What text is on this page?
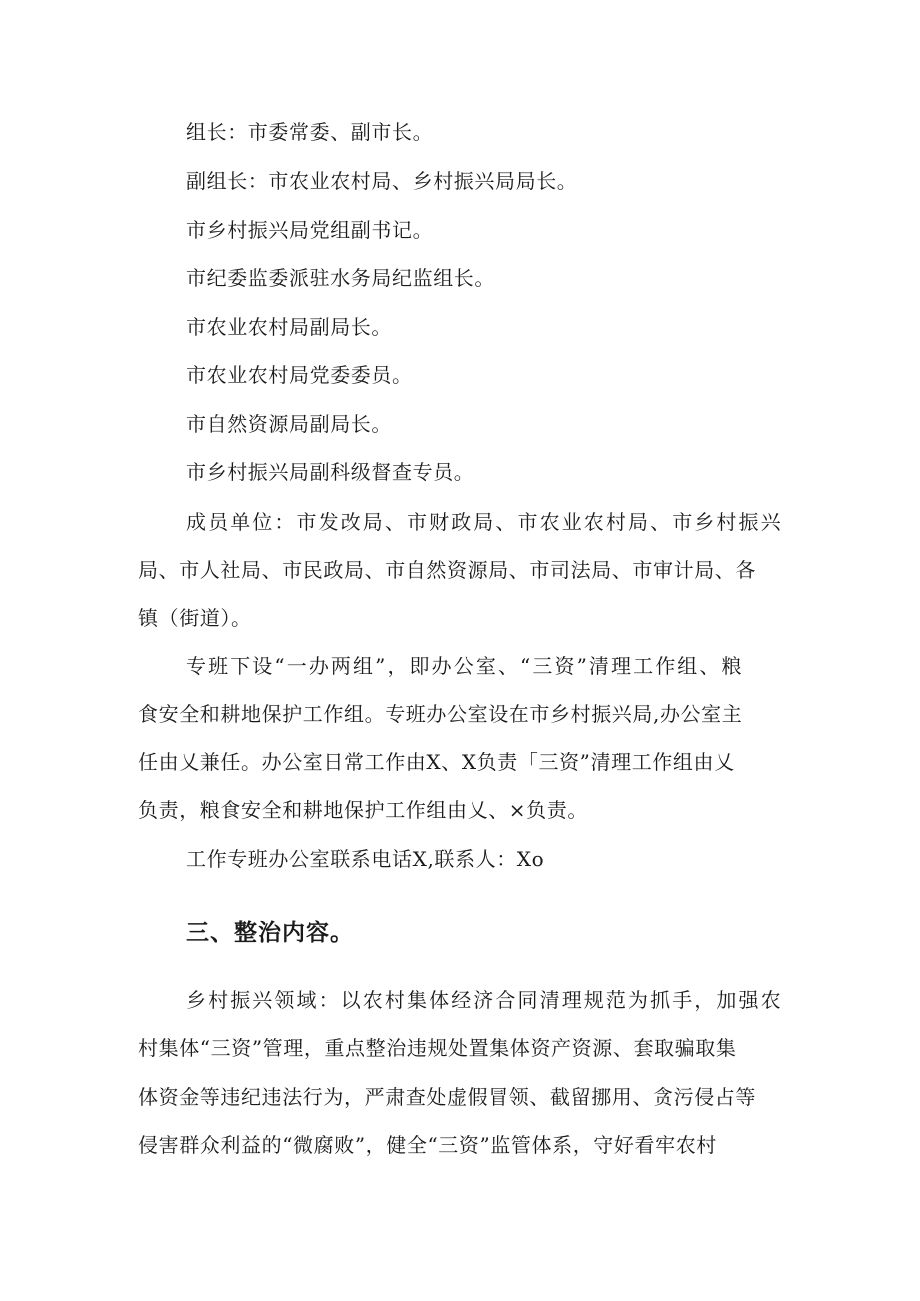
组长：市委常委、副市长。
副组长：市农业农村局、乡村振兴局局长。
市乡村振兴局党组副书记。
市纪委监委派驻水务局纪监组长。
市农业农村局副局长。
市农业农村局党委委员。
市自然资源局副局长。
市乡村振兴局副科级督查专员。
成员单位：市发改局、市财政局、市农业农村局、市乡村振兴
局、市人社局、市民政局、市自然资源局、市司法局、市审计局、各
镇（街道）。
专班下设“一办两组”，即办公室、“三资”清理工作组、粮
食安全和耕地保护工作组。专班办公室设在市乡村振兴局,办公室主
任由乂兼任。办公室日常工作由X、X负责「三资”清理工作组由乂
负责，粮食安全和耕地保护工作组由乂、×负责。
工作专班办公室联系电话X,联系人：Xo
三、整治内容。
乡村振兴领域：以农村集体经济合同清理规范为抓手，加强农
村集体“三资”管理，重点整治违规处置集体资产资源、套取骗取集
体资金等违纪违法行为，严肃查处虚假冒领、截留挪用、贪污侵占等
侵害群众利益的“微腐败”，健全“三资”监管体系，守好看牢农村
